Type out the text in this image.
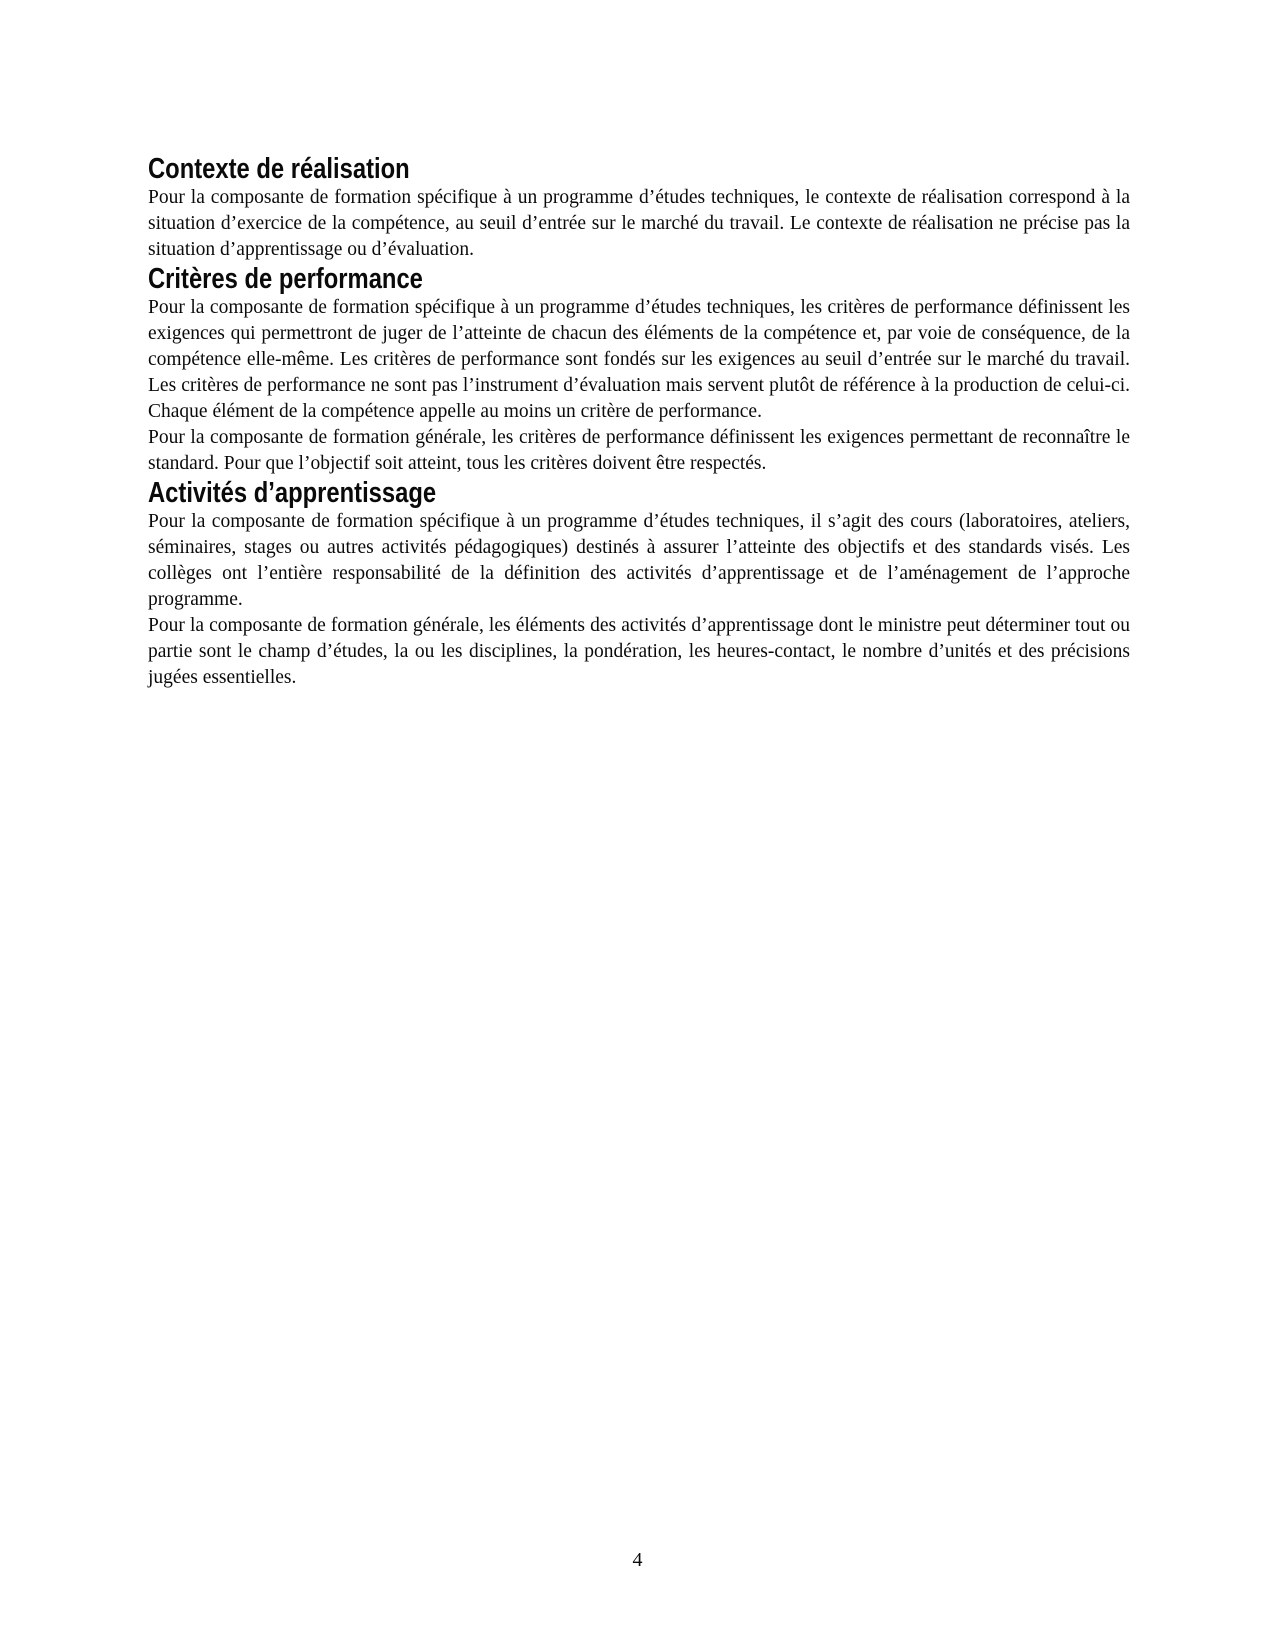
Contexte de réalisation

Pour la composante de formation spécifique à un programme d’études techniques, le contexte de réalisation correspond à la situation d’exercice de la compétence, au seuil d’entrée sur le marché du travail. Le contexte de réalisation ne précise pas la situation d’apprentissage ou d’évaluation.

Critères de performance

Pour la composante de formation spécifique à un programme d’études techniques, les critères de performance définissent les exigences qui permettront de juger de l’atteinte de chacun des éléments de la compétence et, par voie de conséquence, de la compétence elle-même. Les critères de performance sont fondés sur les exigences au seuil d’entrée sur le marché du travail. Les critères de performance ne sont pas l’instrument d’évaluation mais servent plutôt de référence à la production de celui-ci. Chaque élément de la compétence appelle au moins un critère de performance.

Pour la composante de formation générale, les critères de performance définissent les exigences permettant de reconnaître le standard. Pour que l’objectif soit atteint, tous les critères doivent être respectés.

Activités d’apprentissage

Pour la composante de formation spécifique à un programme d’études techniques, il s’agit des cours (laboratoires, ateliers, séminaires, stages ou autres activités pédagogiques) destinés à assurer l’atteinte des objectifs et des standards visés. Les collèges ont l’entière responsabilité de la définition des activités d’apprentissage et de l’aménagement de l’approche programme.

Pour la composante de formation générale, les éléments des activités d’apprentissage dont le ministre peut déterminer tout ou partie sont le champ d’études, la ou les disciplines, la pondération, les heures-contact, le nombre d’unités et des précisions jugées essentielles.

4
